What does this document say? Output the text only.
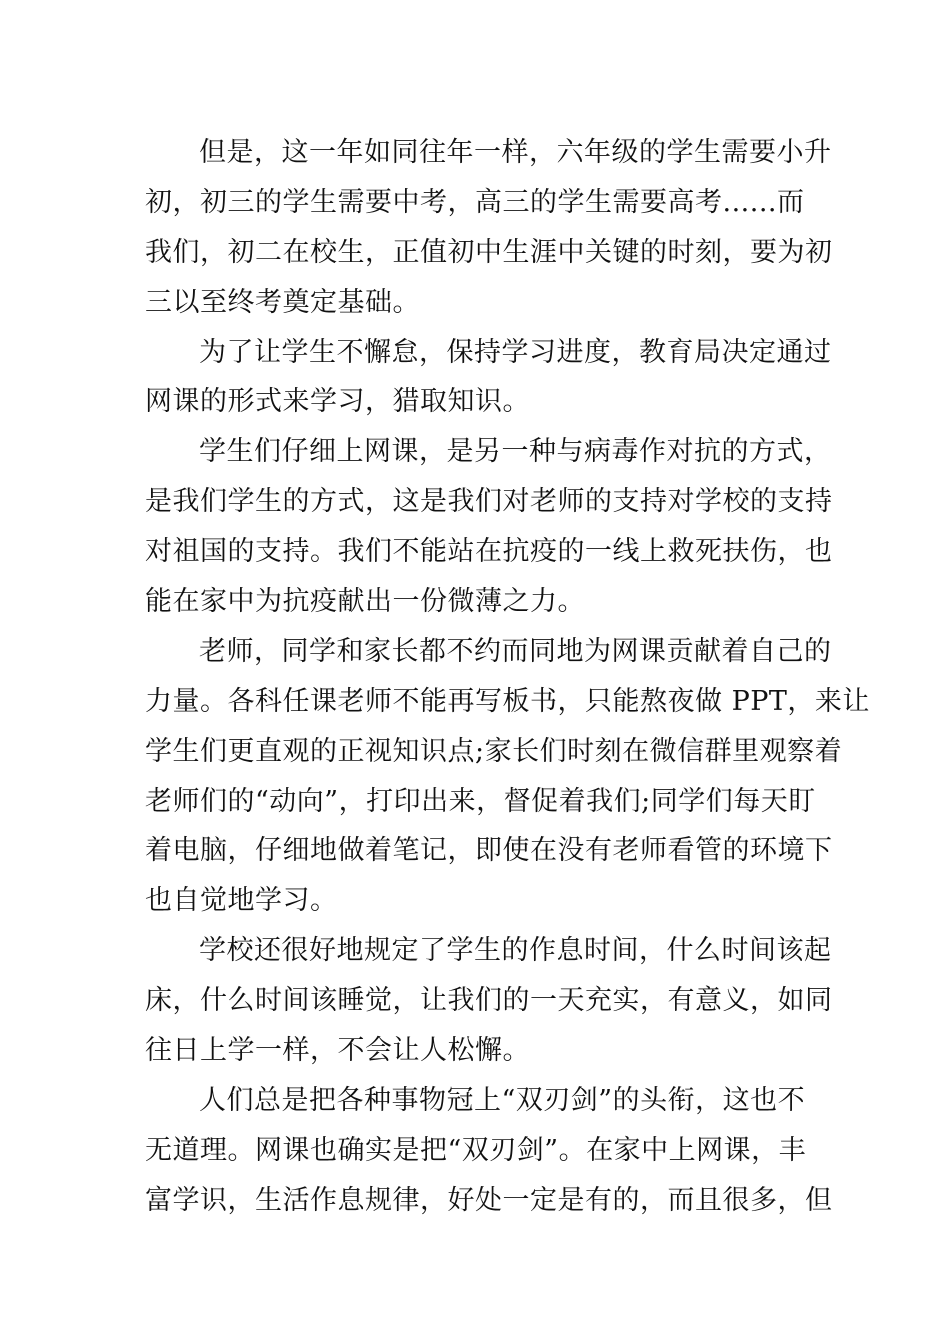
但是，这一年如同往年一样，六年级的学生需要小升
初，初三的学生需要中考，高三的学生需要高考......而
我们，初二在校生，正值初中生涯中关键的时刻，要为初
三以至终考奠定基础。
为了让学生不懈怠，保持学习进度，教育局决定通过
网课的形式来学习，猎取知识。
学生们仔细上网课，是另一种与病毒作对抗的方式，
是我们学生的方式，这是我们对老师的支持对学校的支持
对祖国的支持。我们不能站在抗疫的一线上救死扶伤，也
能在家中为抗疫献出一份微薄之力。
老师，同学和家长都不约而同地为网课贡献着自己的
力量。各科任课老师不能再写板书，只能熬夜做 PPT，来让
学生们更直观的正视知识点;家长们时刻在微信群里观察着
老师们的“动向”，打印出来，督促着我们;同学们每天盯
着电脑，仔细地做着笔记，即使在没有老师看管的环境下
也自觉地学习。
学校还很好地规定了学生的作息时间，什么时间该起
床，什么时间该睡觉，让我们的一天充实，有意义，如同
往日上学一样，不会让人松懈。
人们总是把各种事物冠上“双刃剑”的头衔，这也不
无道理。网课也确实是把“双刃剑”。在家中上网课，丰
富学识，生活作息规律，好处一定是有的，而且很多，但
